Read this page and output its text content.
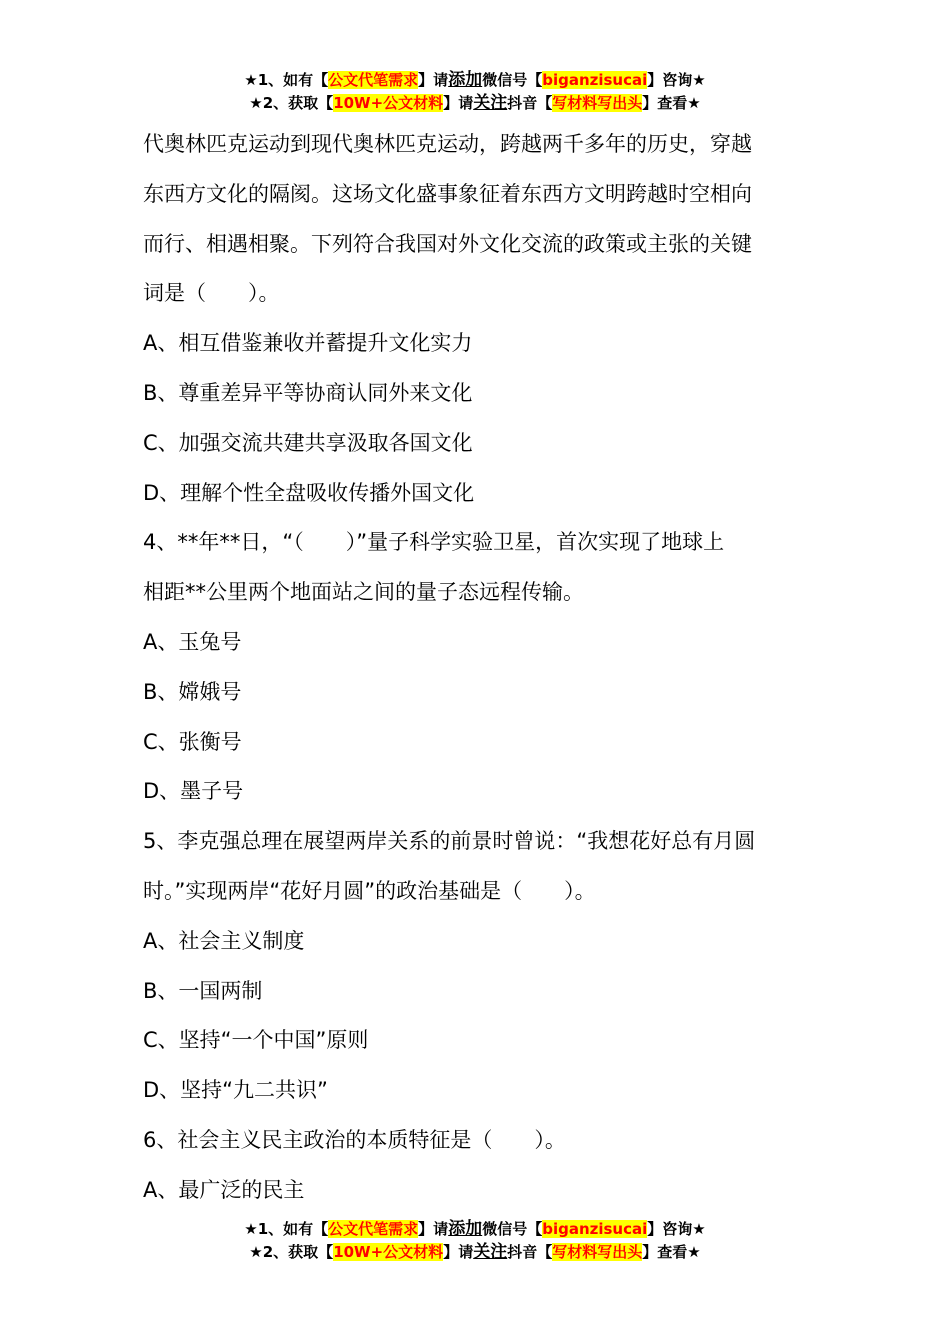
★1、如有【公文代笔需求】请添加微信号【biganzisucai】咨询★
★2、获取【10W+公文材料】请关注抖音【写材料写出头】查看★

代奥林匹克运动到现代奥林匹克运动，跨越两千多年的历史，穿越

东西方文化的隔阂。这场文化盛事象征着东西方文明跨越时空相向

而行、相遇相聚。下列符合我国对外文化交流的政策或主张的关键

词是（　　）。

A、相互借鉴兼收并蓄提升文化实力

B、尊重差异平等协商认同外来文化

C、加强交流共建共享汲取各国文化

D、理解个性全盘吸收传播外国文化

4、**年**日，“（　　）”量子科学实验卫星，首次实现了地球上

相距**公里两个地面站之间的量子态远程传输。

A、玉兔号

B、嫦娥号

C、张衡号

D、墨子号

5、李克强总理在展望两岸关系的前景时曾说：“我想花好总有月圆

时。”实现两岸“花好月圆”的政治基础是（　　）。

A、社会主义制度

B、一国两制

C、坚持“一个中国”原则

D、坚持“九二共识”

6、社会主义民主政治的本质特征是（　　）。

A、最广泛的民主

★1、如有【公文代笔需求】请添加微信号【biganzisucai】咨询★
★2、获取【10W+公文材料】请关注抖音【写材料写出头】查看★
